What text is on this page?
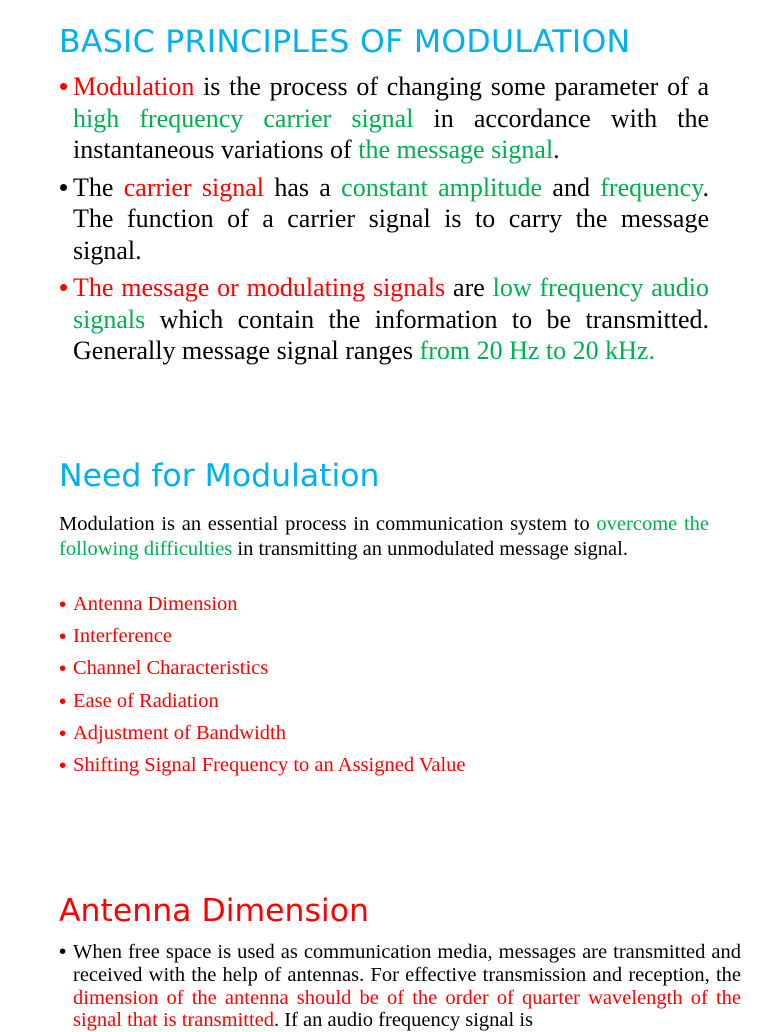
BASIC PRINCIPLES OF MODULATION
• Modulation is the process of changing some parameter of a high frequency carrier signal in accordance with the instantaneous variations of the message signal.
• The carrier signal has a constant amplitude and frequency. The function of a carrier signal is to carry the message signal.
• The message or modulating signals are low frequency audio signals which contain the information to be transmitted. Generally message signal ranges from 20 Hz to 20 kHz.
Need for Modulation
Modulation is an essential process in communication system to overcome the following difficulties in transmitting an unmodulated message signal.
• Antenna Dimension
• Interference
• Channel Characteristics
• Ease of Radiation
• Adjustment of Bandwidth
• Shifting Signal Frequency to an Assigned Value
Antenna Dimension
• When free space is used as communication media, messages are transmitted and received with the help of antennas. For effective transmission and reception, the dimension of the antenna should be of the order of quarter wavelength of the signal that is transmitted. If an audio frequency signal is
